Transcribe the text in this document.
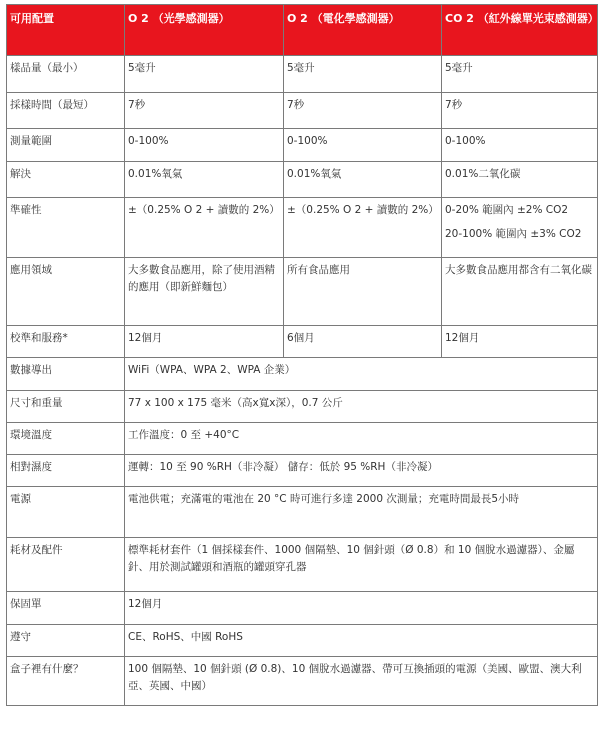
可用配置	O 2 （光學感測器）	O 2 （電化學感測器）	CO 2 （紅外線單光束感測器）
樣品量（最小）	5毫升	5毫升	5毫升
採樣時間（最短）	7秒	7秒	7秒
測量範圍	0-100%	0-100%	0-100%
解決	0.01%氧氣	0.01%氧氣	0.01%二氧化碳
準確性	±（0.25% O 2 + 讀數的 2%）	±（0.25% O 2 + 讀數的 2%）	0-20% 範圍內 ±2% CO2
20-100% 範圍內 ±3% CO2

應用領域	大多數食品應用，除了使用酒精的應用（即新鮮麵包）	所有食品應用	大多數食品應用都含有二氧化碳
校準和服務*	12個月	6個月	12個月
數據導出	WiFi（WPA、WPA 2、WPA 企業）		
尺寸和重量	77 x 100 x 175 毫米（高x寬x深），0.7 公斤		
環境溫度	工作溫度：0 至 +40°C		
相對濕度	運轉：10 至 90 %RH（非冷凝） 儲存：低於 95 %RH（非冷凝）		
電源	電池供電；充滿電的電池在 20 °C 時可進行多達 2000 次測量；充電時間最長5小時		
耗材及配件	標準耗材套件（1 個採樣套件、1000 個隔墊、10 個針頭（Ø 0.8）和 10 個脫水過濾器）、金屬針、用於測試罐頭和酒瓶的罐頭穿孔器		
保固單	12個月		
遵守	CE、RoHS、中國 RoHS		
盒子裡有什麼？	100 個隔墊、10 個針頭 (Ø 0.8)、10 個脫水過濾器、帶可互換插頭的電源（美國、歐盟、澳大利亞、英國、中國）		
